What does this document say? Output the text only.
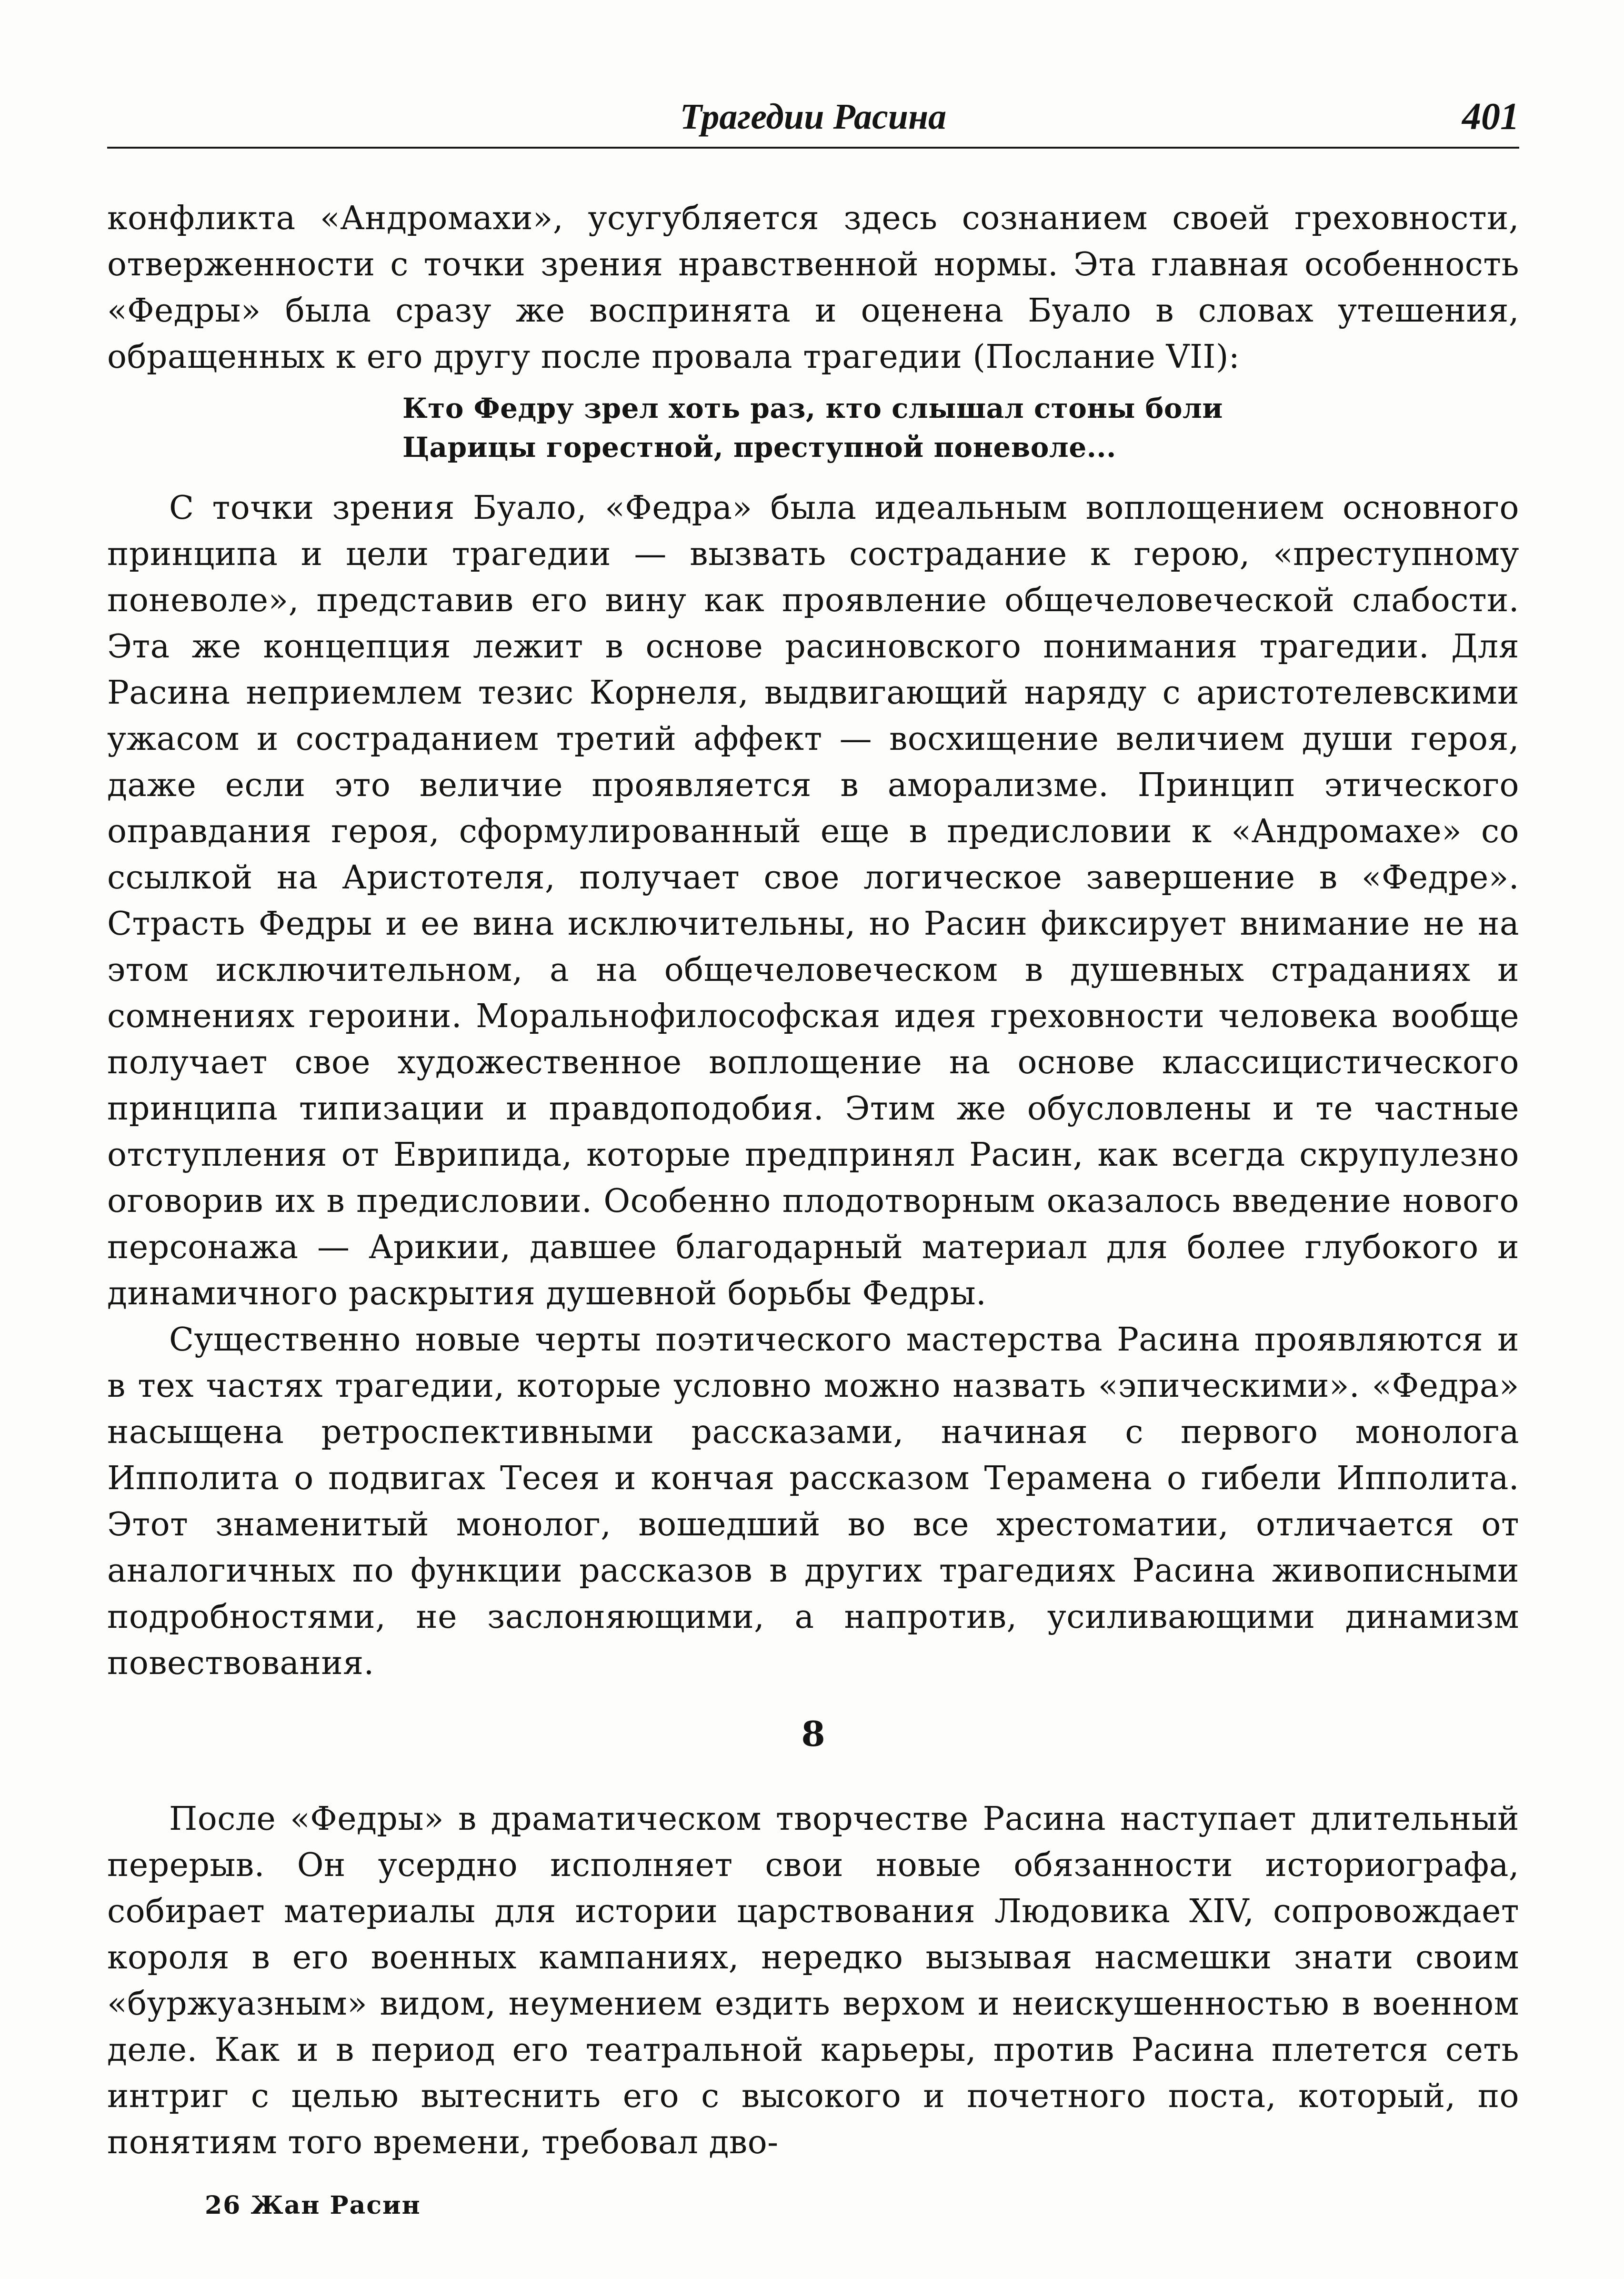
Трагедии Расина	401

конфликта «Андромахи», усугубляется здесь сознанием своей греховности, отверженности с точки зрения нравственной нормы. Эта главная особенность «Федры» была сразу же воспринята и оценена Буало в словах утешения, обращенных к его другу после провала трагедии (Послание VII):

Кто Федру зрел хоть раз, кто слышал стоны боли
Царицы горестной, преступной поневоле...

С точки зрения Буало, «Федра» была идеальным воплощением основного принципа и цели трагедии — вызвать сострадание к герою, «преступному поневоле», представив его вину как проявление общечеловеческой слабости. Эта же концепция лежит в основе расиновского понимания трагедии. Для Расина неприемлем тезис Корнеля, выдвигающий наряду с аристотелевскими ужасом и состраданием третий аффект — восхищение величием души героя, даже если это величие проявляется в аморализме. Принцип этического оправдания героя, сформулированный еще в предисловии к «Андромахе» со ссылкой на Аристотеля, получает свое логическое завершение в «Федре». Страсть Федры и ее вина исключительны, но Расин фиксирует внимание не на этом исключительном, а на общечеловеческом в душевных страданиях и сомнениях героини. Моральнофилософская идея греховности человека вообще получает свое художественное воплощение на основе классицистического принципа типизации и правдоподобия. Этим же обусловлены и те частные отступления от Еврипида, которые предпринял Расин, как всегда скрупулезно оговорив их в предисловии. Особенно плодотворным оказалось введение нового персонажа — Арикии, давшее благодарный материал для более глубокого и динамичного раскрытия душевной борьбы Федры.

Существенно новые черты поэтического мастерства Расина проявляются и в тех частях трагедии, которые условно можно назвать «эпическими». «Федра» насыщена ретроспективными рассказами, начиная с первого монолога Ипполита о подвигах Тесея и кончая рассказом Терамена о гибели Ипполита. Этот знаменитый монолог, вошедший во все хрестоматии, отличается от аналогичных по функции рассказов в других трагедиях Расина живописными подробностями, не заслоняющими, а напротив, усиливающими динамизм повествования.

8

После «Федры» в драматическом творчестве Расина наступает длительный перерыв. Он усердно исполняет свои новые обязанности историографа, собирает материалы для истории царствования Людовика XIV, сопровождает короля в его военных кампаниях, нередко вызывая насмешки знати своим «буржуазным» видом, неумением ездить верхом и неискушенностью в военном деле. Как и в период его театральной карьеры, против Расина плетется сеть интриг с целью вытеснить его с высокого и почетного поста, который, по понятиям того времени, требовал дво-

26 Жан Расин
